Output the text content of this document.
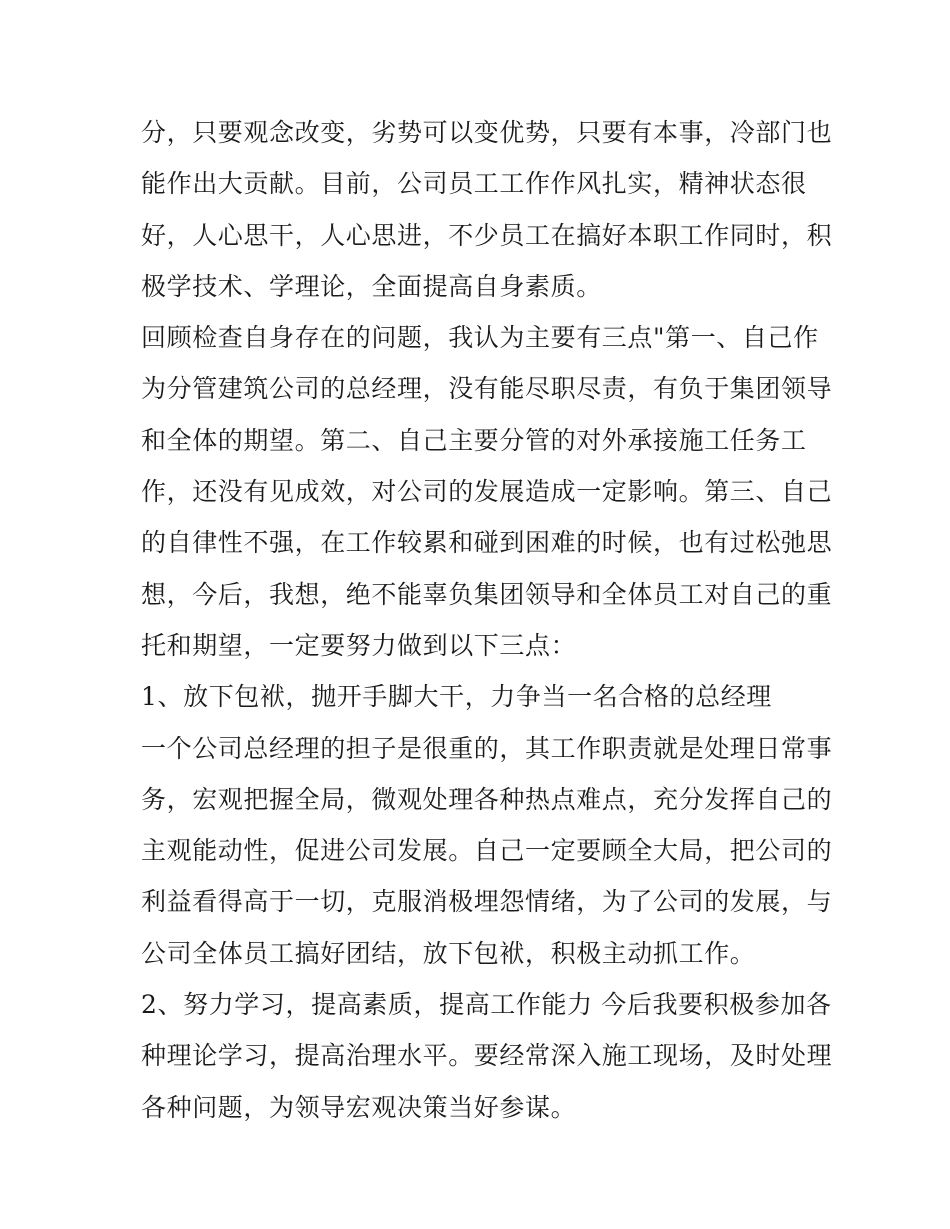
分，只要观念改变，劣势可以变优势，只要有本事，冷部门也
能作出大贡献。目前，公司员工工作作风扎实，精神状态很
好，人心思干，人心思进，不少员工在搞好本职工作同时，积
极学技术、学理论，全面提高自身素质。
回顾检查自身存在的问题，我认为主要有三点"第一、自己作
为分管建筑公司的总经理，没有能尽职尽责，有负于集团领导
和全体的期望。第二、自己主要分管的对外承接施工任务工
作，还没有见成效，对公司的发展造成一定影响。第三、自己
的自律性不强，在工作较累和碰到困难的时候，也有过松弛思
想，今后，我想，绝不能辜负集团领导和全体员工对自己的重
托和期望，一定要努力做到以下三点：
1、放下包袱，抛开手脚大干，力争当一名合格的总经理
一个公司总经理的担子是很重的，其工作职责就是处理日常事
务，宏观把握全局，微观处理各种热点难点，充分发挥自己的
主观能动性，促进公司发展。自己一定要顾全大局，把公司的
利益看得高于一切，克服消极埋怨情绪，为了公司的发展，与
公司全体员工搞好团结，放下包袱，积极主动抓工作。
2、努力学习，提高素质，提高工作能力 今后我要积极参加各
种理论学习，提高治理水平。要经常深入施工现场，及时处理
各种问题，为领导宏观决策当好参谋。
